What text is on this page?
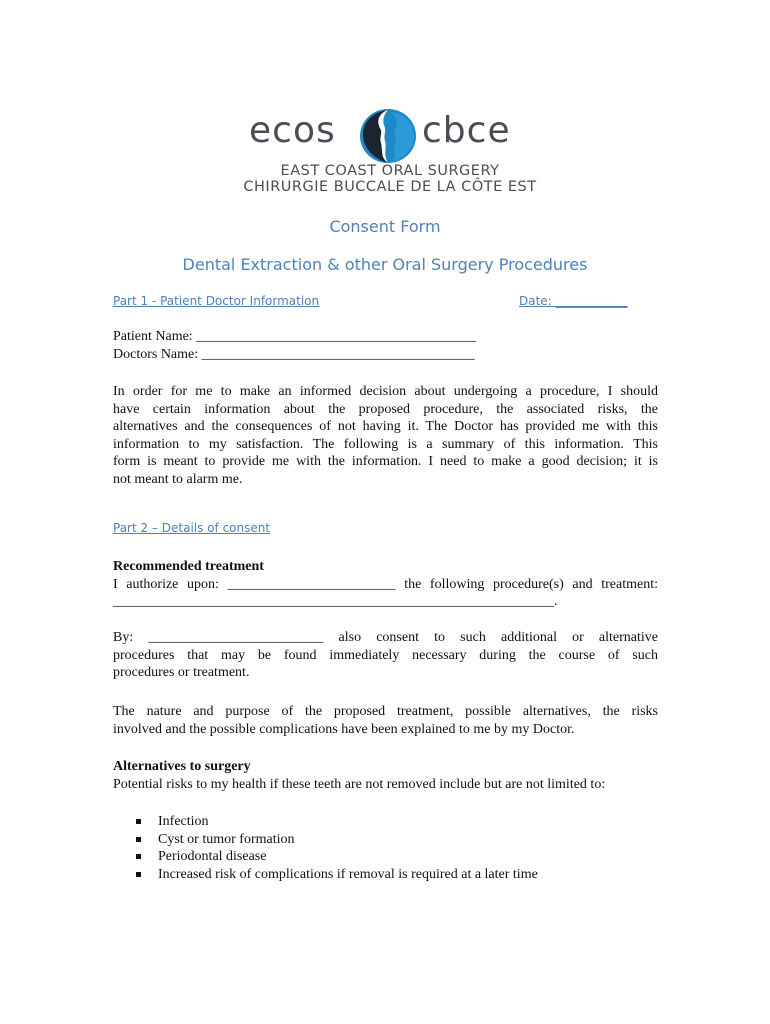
ecos cbce
EAST COAST ORAL SURGERY
CHIRURGIE BUCCALE DE LA CÔTE EST
Consent Form
Dental Extraction & other Oral Surgery Procedures
Part 1 - Patient Doctor Information	Date: ____________
Patient Name: ________________________________________
Doctors Name: _______________________________________
In order for me to make an informed decision about undergoing a procedure, I should
have certain information about the proposed procedure, the associated risks, the
alternatives and the consequences of not having it. The Doctor has provided me with this
information to my satisfaction. The following is a summary of this information. This
form is meant to provide me with the information. I need to make a good decision; it is
not meant to alarm me.
Part 2 – Details of consent
Recommended treatment
I authorize upon: ________________________ the following procedure(s) and treatment:
_______________________________________________________________.
By: _________________________ also consent to such additional or alternative
procedures that may be found immediately necessary during the course of such
procedures or treatment.
The nature and purpose of the proposed treatment, possible alternatives, the risks
involved and the possible complications have been explained to me by my Doctor.
Alternatives to surgery
Potential risks to my health if these teeth are not removed include but are not limited to:
Infection
Cyst or tumor formation
Periodontal disease
Increased risk of complications if removal is required at a later time
